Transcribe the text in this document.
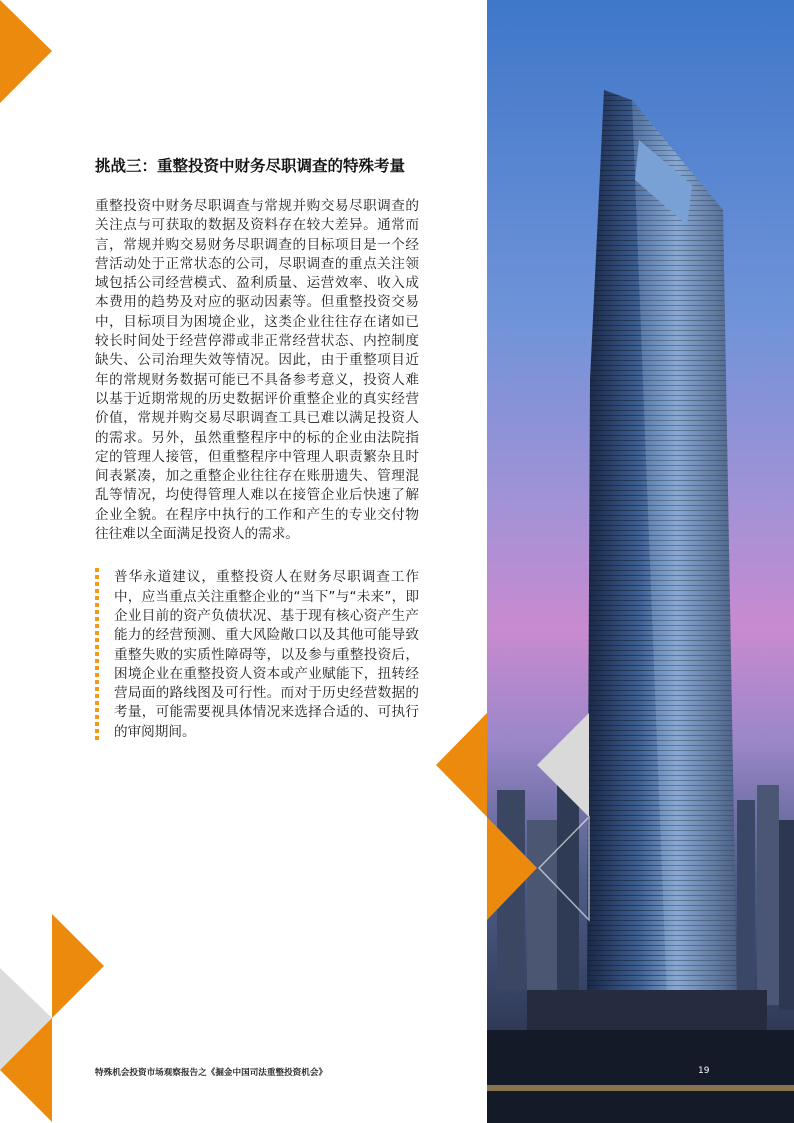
挑战三：重整投资中财务尽职调查的特殊考量

重整投资中财务尽职调查与常规并购交易尽职调查的关注点与可获取的数据及资料存在较大差异。通常而言，常规并购交易财务尽职调查的目标项目是一个经营活动处于正常状态的公司，尽职调查的重点关注领域包括公司经营模式、盈利质量、运营效率、收入成本费用的趋势及对应的驱动因素等。但重整投资交易中，目标项目为困境企业，这类企业往往存在诸如已较长时间处于经营停滞或非正常经营状态、内控制度缺失、公司治理失效等情况。因此，由于重整项目近年的常规财务数据可能已不具备参考意义，投资人难以基于近期常规的历史数据评价重整企业的真实经营价值，常规并购交易尽职调查工具已难以满足投资人的需求。另外，虽然重整程序中的标的企业由法院指定的管理人接管，但重整程序中管理人职责繁杂且时间表紧凑，加之重整企业往往存在账册遗失、管理混乱等情况，均使得管理人难以在接管企业后快速了解企业全貌。在程序中执行的工作和产生的专业交付物往往难以全面满足投资人的需求。

普华永道建议，重整投资人在财务尽职调查工作中，应当重点关注重整企业的“当下”与“未来”，即企业目前的资产负债状况、基于现有核心资产生产能力的经营预测、重大风险敞口以及其他可能导致重整失败的实质性障碍等，以及参与重整投资后，困境企业在重整投资人资本或产业赋能下，扭转经营局面的路线图及可行性。而对于历史经营数据的考量，可能需要视具体情况来选择合适的、可执行的审阅期间。

特殊机会投资市场观察报告之《掘金中国司法重整投资机会》	19
